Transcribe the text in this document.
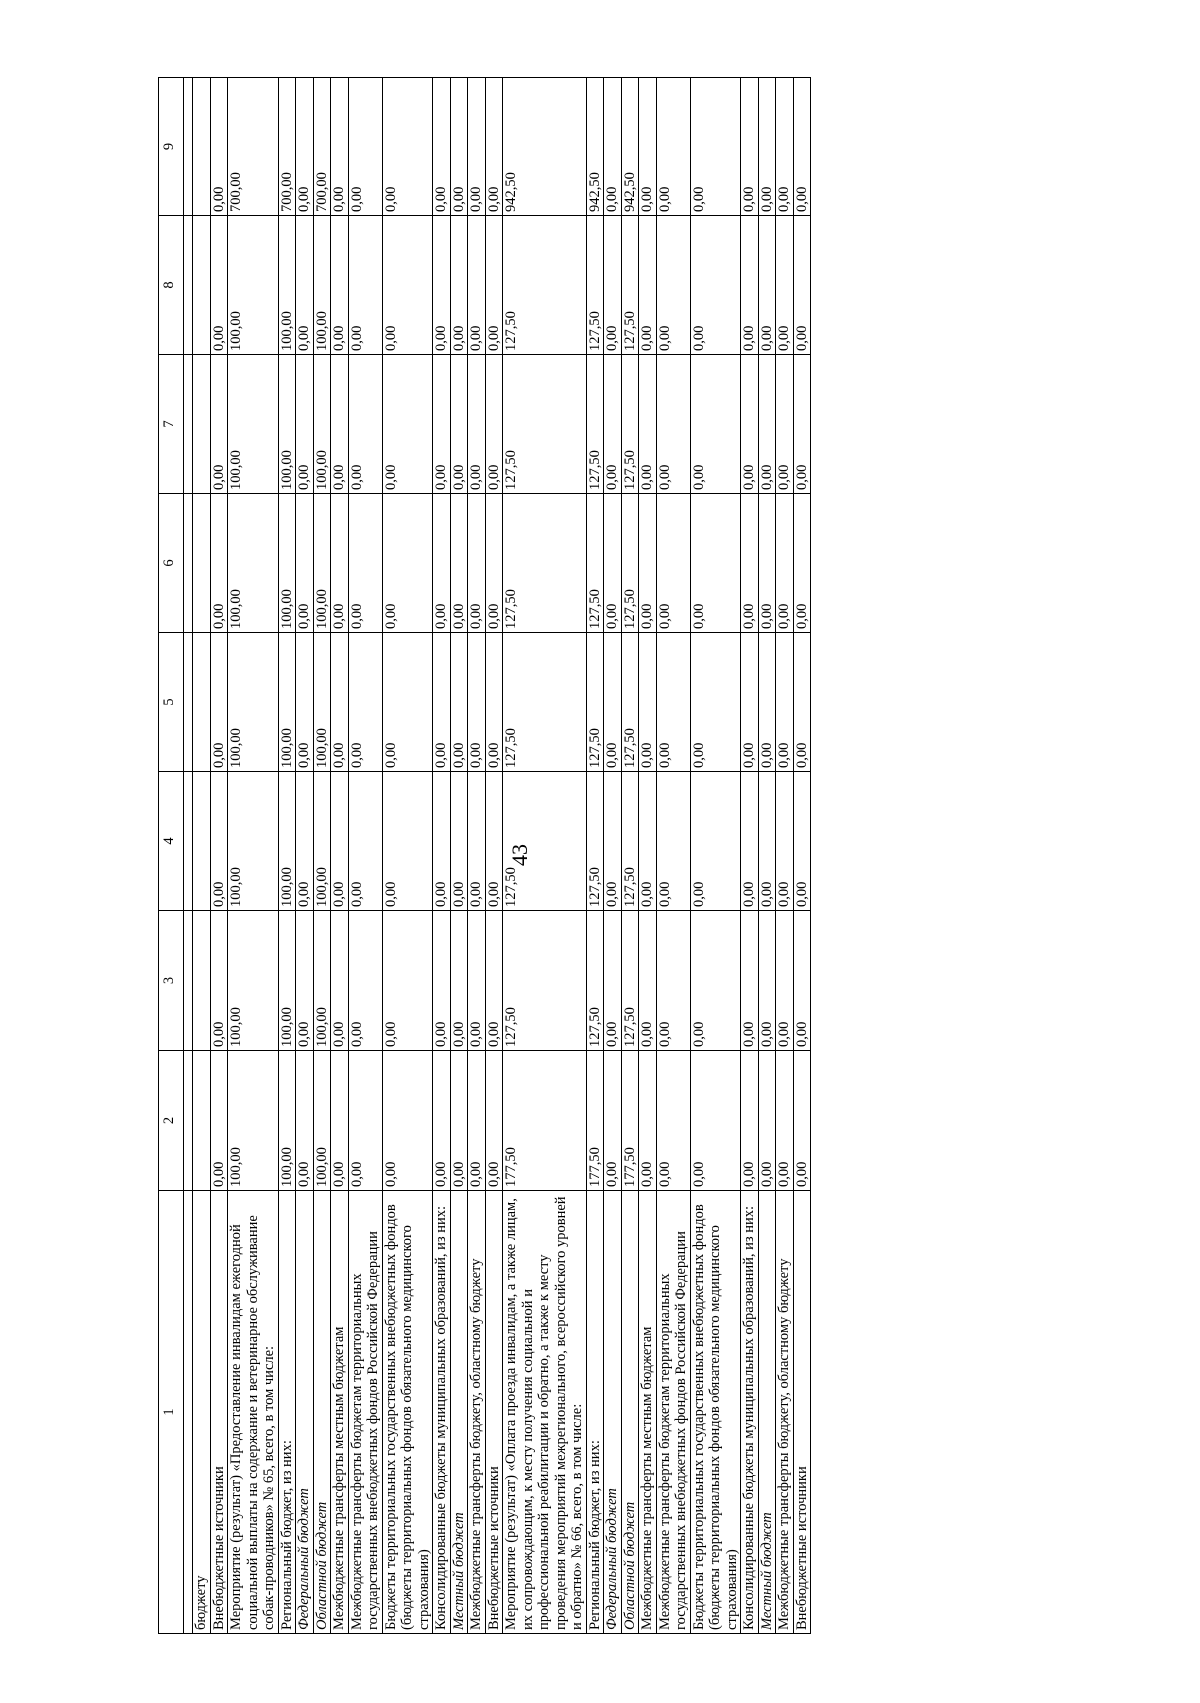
43
1	2	3	4	5	6	7	8	9

бюджету								
Внебюджетные источники	0,00	0,00	0,00	0,00	0,00	0,00	0,00	0,00
Мероприятие (результат) «Предоставление инвалидам ежегодной социальной выплаты на содержание и ветеринарное обслуживание собак-проводников» № 65, всего, в том числе:	100,00	100,00	100,00	100,00	100,00	100,00	100,00	700,00
Региональный бюджет, из них:	100,00	100,00	100,00	100,00	100,00	100,00	100,00	700,00
Федеральный бюджет	0,00	0,00	0,00	0,00	0,00	0,00	0,00	0,00
Областной бюджет	100,00	100,00	100,00	100,00	100,00	100,00	100,00	700,00
Межбюджетные трансферты местным бюджетам	0,00	0,00	0,00	0,00	0,00	0,00	0,00	0,00
Межбюджетные трансферты бюджетам территориальных государственных внебюджетных фондов Российской Федерации	0,00	0,00	0,00	0,00	0,00	0,00	0,00	0,00
Бюджеты территориальных государственных внебюджетных фондов (бюджеты территориальных фондов обязательного медицинского страхования)	0,00	0,00	0,00	0,00	0,00	0,00	0,00	0,00
Консолидированные бюджеты муниципальных образований, из них:	0,00	0,00	0,00	0,00	0,00	0,00	0,00	0,00
Местный бюджет	0,00	0,00	0,00	0,00	0,00	0,00	0,00	0,00
Межбюджетные трансферты бюджету, областному бюджету	0,00	0,00	0,00	0,00	0,00	0,00	0,00	0,00
Внебюджетные источники	0,00	0,00	0,00	0,00	0,00	0,00	0,00	0,00
Мероприятие (результат) «Оплата проезда инвалидам, а также лицам, их сопровождающим, к месту получения социальной и профессиональной реабилитации и обратно, а также к месту проведения мероприятий межрегионального, всероссийского уровней и обратно» № 66, всего, в том числе:	177,50	127,50	127,50	127,50	127,50	127,50	127,50	942,50
Региональный бюджет, из них:	177,50	127,50	127,50	127,50	127,50	127,50	127,50	942,50
Федеральный бюджет	0,00	0,00	0,00	0,00	0,00	0,00	0,00	0,00
Областной бюджет	177,50	127,50	127,50	127,50	127,50	127,50	127,50	942,50
Межбюджетные трансферты местным бюджетам	0,00	0,00	0,00	0,00	0,00	0,00	0,00	0,00
Межбюджетные трансферты бюджетам территориальных государственных внебюджетных фондов Российской Федерации	0,00	0,00	0,00	0,00	0,00	0,00	0,00	0,00
Бюджеты территориальных государственных внебюджетных фондов (бюджеты территориальных фондов обязательного медицинского страхования)	0,00	0,00	0,00	0,00	0,00	0,00	0,00	0,00
Консолидированные бюджеты муниципальных образований, из них:	0,00	0,00	0,00	0,00	0,00	0,00	0,00	0,00
Местный бюджет	0,00	0,00	0,00	0,00	0,00	0,00	0,00	0,00
Межбюджетные трансферты бюджету, областному бюджету	0,00	0,00	0,00	0,00	0,00	0,00	0,00	0,00
Внебюджетные источники	0,00	0,00	0,00	0,00	0,00	0,00	0,00	0,00
